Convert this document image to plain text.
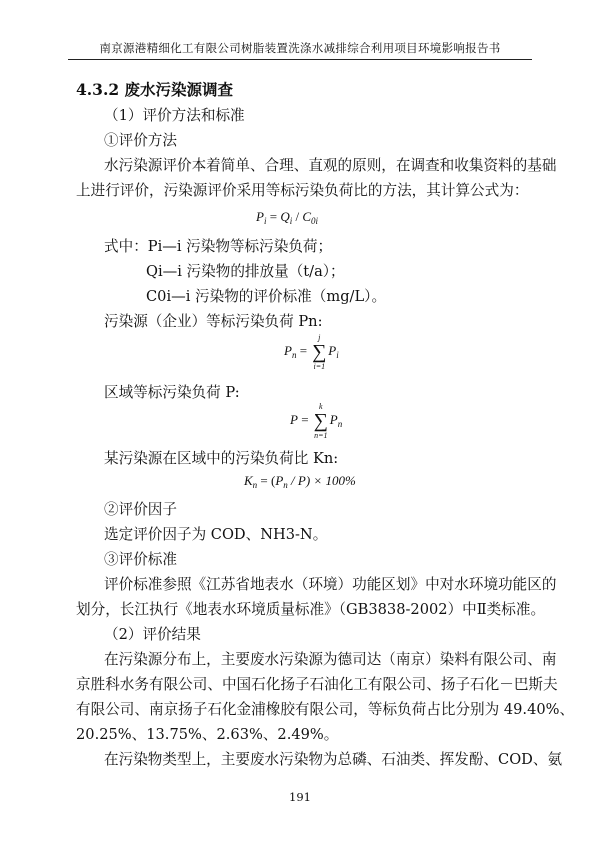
南京源港精细化工有限公司树脂装置洗涤水减排综合利用项目环境影响报告书
4.3.2 废水污染源调查
（1）评价方法和标准
①评价方法
水污染源评价本着简单、合理、直观的原则，在调查和收集资料的基础
上进行评价，污染源评价采用等标污染负荷比的方法，其计算公式为：
$P_i = Q_i / C_{0i}$
式中：Pi—i 污染物等标污染负荷；
Qi—i 污染物的排放量（t/a）；
C0i—i 污染物的评价标准（mg/L）。
污染源（企业）等标污染负荷 Pn:
$P_n$ =
j
∑
i=1
$P_i$
区域等标污染负荷 P:
P =
k
∑
n=1
$P_n$
某污染源在区域中的污染负荷比 Kn:
$K_n = (P_n / P) \times 100\%$
②评价因子
选定评价因子为 COD、NH3-N。
③评价标准
评价标准参照《江苏省地表水（环境）功能区划》中对水环境功能区的
划分，长江执行《地表水环境质量标准》（GB3838-2002）中Ⅱ类标准。
（2）评价结果
在污染源分布上，主要废水污染源为德司达（南京）染料有限公司、南
京胜科水务有限公司、中国石化扬子石油化工有限公司、扬子石化－巴斯夫
有限公司、南京扬子石化金浦橡胶有限公司，等标负荷占比分别为 49.40%、
20.25%、13.75%、2.63%、2.49%。
在污染物类型上，主要废水污染物为总磷、石油类、挥发酚、COD、氨
191
